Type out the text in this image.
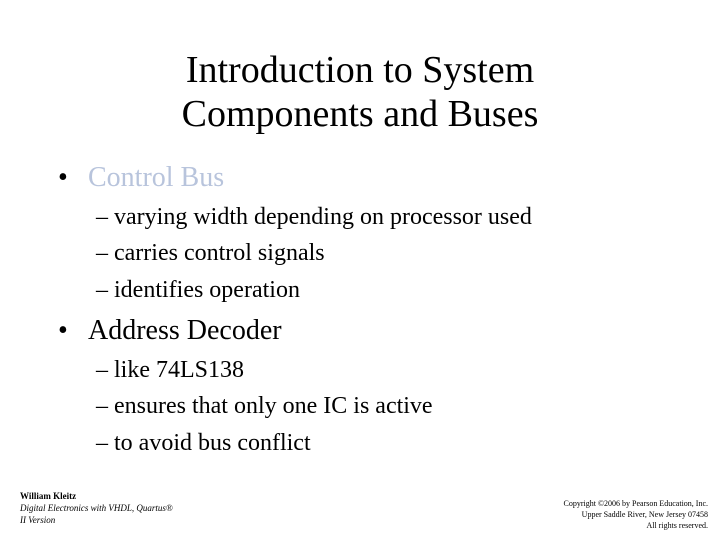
Introduction to System
Components and Buses
• Control Bus
– varying width depending on processor used
– carries control signals
– identifies operation
• Address Decoder
– like 74LS138
– ensures that only one IC is active
– to avoid bus conflict
William Kleitz
Digital Electronics with VHDL, Quartus®
II Version
Copyright ©2006 by Pearson Education, Inc.
Upper Saddle River, New Jersey 07458
All rights reserved.
